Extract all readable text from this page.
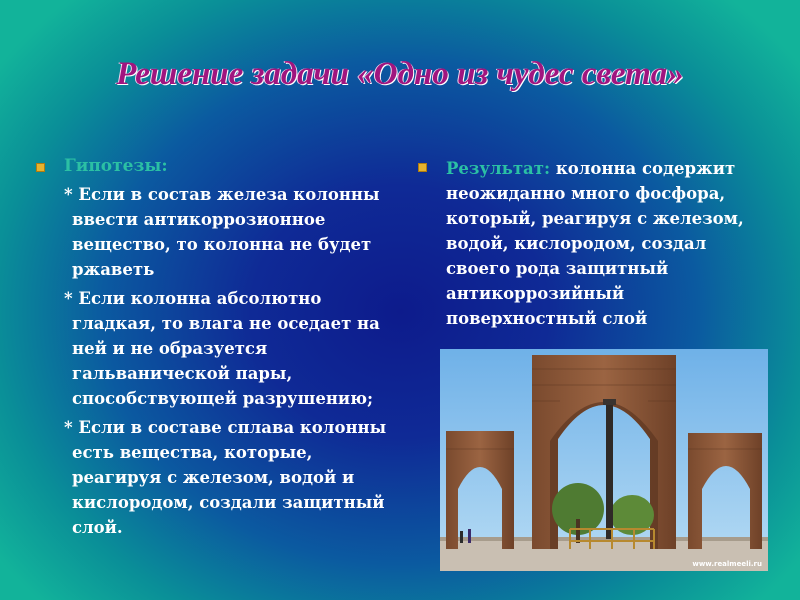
Решение задачи «Одно из чудес света»
Гипотезы:

* Если в состав железа колонны ввести антикоррозионное вещество, то колонна не будет ржаветь

* Если колонна абсолютно гладкая, то влага не оседает на ней и не образуется гальванической пары, способствующей разрушению;

* Если в составе сплава колонны есть вещества, которые, реагируя с железом, водой и кислородом, создали защитный слой.

Результат: колонна содержит неожиданно много фосфора, который, реагируя с железом, водой, кислородом, создал своего рода защитный антикоррозийный поверхностный слой
www.realmeeli.ru
